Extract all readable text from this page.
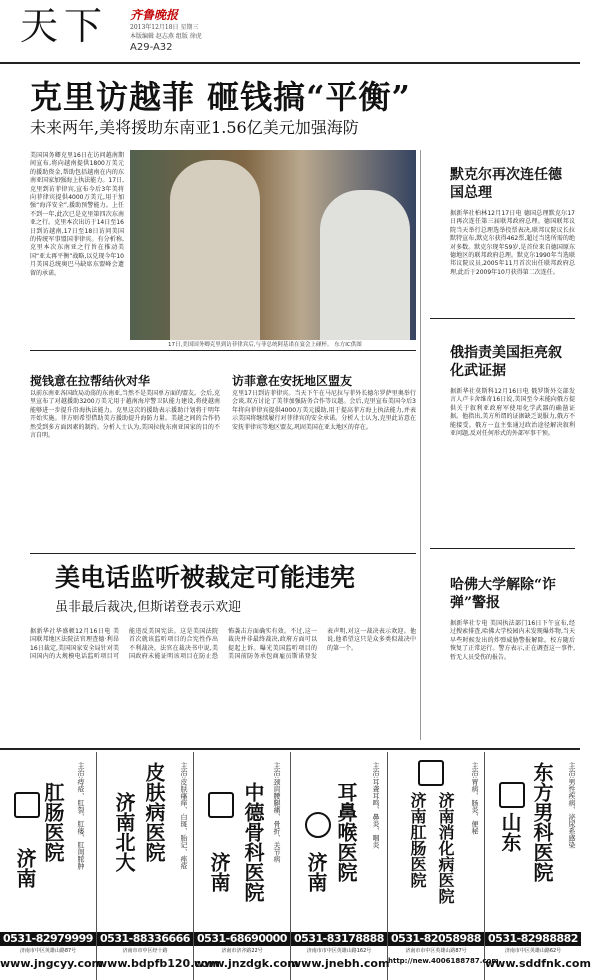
天下 齐鲁晚报
2013年12月18日 星期三
本版编辑 赵志燕 组版 徐虎
A29-A32
克里访越菲 砸钱搞“平衡”
未来两年,美将援助东南亚1.56亿美元加强海防
美国国务卿克里16日在访问越南期间宣布,将向越南提供1800万美元的援助资金,帮助包括越南在内的东南亚国家加强海上执法能力。17日,克里到访菲律宾,宣布今后3年美将向菲律宾提供4000万美元,用于加强“海洋安全”,援助预警能力。上任不到一年,此次已是克里第四次东南亚之行。克里本次出访于14日至16日到访越南,17日至18日访问美国的传统军事盟国菲律宾。有分析称,克里本次东南亚之行旨在推动美国“亚太再平衡”战略,以兑现今年10月美国总统奥巴马缺席东盟峰会遗留的承诺。
17日,美国国务卿克里到访菲律宾后,与菲总统阿基诺在宴会上碰杯。 东方IC供图
搅钱意在拉帮结伙对华
以前东南亚各国政局动荡的东南亚,当然不是美国单方面的盟友。会后,克里宣布了对越援助3200万美元用于越南海岸警卫队能力建设,将使越南能够进一步提升沿海执法能力。克里这次的援助表示援助计划将于明年开始实施。菲方则希望借助美方援助提升海防力量。美越之间的合作仍然受到多方面因素的制约。分析人士认为,美国拉拢东南亚国家的目的不言自明。
访菲意在安抚地区盟友
克里17日到访菲律宾。当天下午在马尼拉与菲外长德尔罗萨里奥举行会谈,双方讨论了美菲加强防务合作等议题。会后,克里宣布美国今后3年将向菲律宾提供4000万美元援助,用于提高菲方海上执法能力,并表示美国将继续履行对菲律宾的安全承诺。分析人士认为,克里此访意在安抚菲律宾等地区盟友,巩固美国在亚太地区的存在。
默克尔再次连任德国总理
据新华社柏林12月17日电 德国总理默克尔17日再次连任第三届联邦政府总理。德国联邦议院当天举行总理选举投票表决,联邦议院议长拉默特宣布,默克尔获得462票,超过当选所需的绝对多数。默克尔现年59岁,是首位来自德国原东德地区的联邦政府总理。默克尔1990年当选联邦议院议员,2005年11月首次出任联邦政府总理,此后于2009年10月获得第二次连任。
俄指责美国拒亮叙化武证据
据新华社莫斯科12月16日电 俄罗斯外交部发言人卢卡舍维奇16日说,美国至今未能向俄方提供关于叙利亚政府军使用化学武器的确凿证据。他指出,美方所谓的证据缺乏说服力,俄方不能接受。俄方一直主张通过政治途径解决叙利亚问题,反对任何形式的外部军事干预。
哈佛大学解除“诈弹”警报
据新华社专电 美国执法部门16日下午宣布,经过搜索排查,哈佛大学校园内未发现爆炸物,当天早些时候发出的炸弹威胁警报解除。校方随后恢复了正常运行。警方表示,正在调查这一事件,暂无人员受伤的报告。
美电话监听被裁定可能违宪
虽非最后裁决,但斯诺登表示欢迎
据新华社华盛顿12月16日电 美国联邦地区法院法官理查德·利昂16日裁定,美国国家安全局针对美国国内的大规模电话监听项目可能违反美国宪法。这是美国法院首次就该监听项目的合宪性作出不利裁决。法官在裁决书中说,美国政府未能证明该项目在防止恐怖袭击方面确实有效。不过,这一裁决并非最终裁决,政府方面可以提起上诉。曝光美国监听项目的美国前防务承包商雇员斯诺登发表声明,对这一裁决表示欢迎。他说,他希望这只是众多类似裁决中的第一个。
主治:痔疮、肛裂、肛瘘、肛周脓肿
肛肠医院
济南
0531-82979999
济南市中区英雄山路87号
www.jngcyy.com
主治:皮肤瘙痒、白斑、胎记、痤疮
皮肤病医院
济南北大
0531-88336666
济南市市中区经十路
www.bdpfb120.com
主治:颈肩腰腿痛、骨折、关节病
中德骨科医院
济南
0531-68690000
济南市济齐路22号
www.jnzdgk.com
主治:耳聋耳鸣、鼻炎、咽炎
耳鼻喉医院
济南
0531-83178888
济南市市中区英雄山路162号
www.jnebh.com
主治:胃病、肠炎、便秘
济南消化病医院
济南肛肠医院
0531-82058988
济南市市中区英雄山路87号
http://new.4006188787.com
主治:男性疾病、泌尿系感染
东方男科医院
山东
0531-82988882
济南市中区英雄山路62号
www.sddfnk.com
